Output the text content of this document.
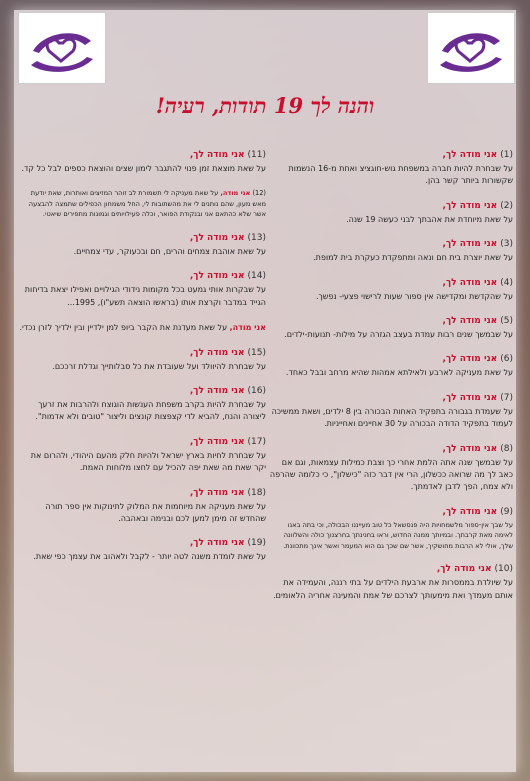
והנה לך 19 תודות, רעיה!
(1)אני מודה לך,
על שבחרת להיות חברה במשפחת גוש-חוגציצ ואחת מ-16 הנשמות שקשורות ביותר קשר בהן.
(2)אני מודה לך,
על שאת מיוחדת את אהבתך לבני כעשה 19 שנה.
(3)אני מודה לך,
על שאת יוצרת בית חם ונאה ומתפקדת כעקרת בית למופת.
(4)אני מודה לך,
על שהקדשת ומקדישה אין ספור שעות לרישוי פצעי- נפשך.
(5)אני מודה לך,
על שבמשך שנים רבות עמדת בעצב הגזרה על מילות- תנועות-ילדים.
(6)אני מודה לך,
על שאת מעניקה לארבע ולאילתא אמהות שהיא מרחב ובבל כאחד.
(7)אני מודה לך,
על שעמדת בגבורה בתפקיד האחות הבכורה בין 8 ילדים, ושאת ממשיכה לעמוד בתפקיד הדודה הבכורה על 30 אחיינים ואחייניות.
(8)אני מודה לך,
על שבמשך שנה אתה הלמת אחרי כך וצבת כמילות עצמאות, וגם אם כאב לך מה שרואה ככשלון, הרי אין דבר כזה "כישלון", כי כלומה שהרפה ולא צמח, הפך לדבן לאדמתך.
(9)אני מודה לך,
על שבך אין-ספור מלשמחויות היה פנסשאל כל טוב מעייננו הבכולה, וכי בתה באנו לאימה מאת קרבתך. ובמיותך ממנה החדוש, וראו בחנינתך בחרצנוך כולה והשלוונה שלך, אולי לא הרבות מחושקיך, אשר שם שכך גם הוא המעמר ואשר אינך מתכוונת.
(10)אני מודה לך,
על שיולדת בממסרות את ארבעת הילדים על בתי רננה, והעמידה את אותם מעמדך ואת מימעותך לצרכם של אמת והמעינה אחריה הלאומים.
(11)אני מודה לך,
על שאת מוצאת זמן פנוי להתגבר לימון שצים והוצאת כספים לבל כל קד.
(12) אני מודה, על שאת מעניקה לי תשמורת לב זוהר המזיצים ואותרות, שאת יודעת מאש מעון, שהם נותנים לי את מהשתובות לי, החל משמחון הכפילים שתמצה להבצעה אשר שלא כהתאם אני ובנקודת הפואר, וכלה פעילויותים וגמונות מתפירים שיאטי.
(13)אני מודה לך,
על שאת אוהבת צמחים והרים, חם ובכעוקר, עדי צמחיים.
(14)אני מודה לך,
על שבקרות אותי גמעט בכל מקומות נידודי הגילויים ואפילו יצאת בדיחות הגייד במדבר וקרצת אותו (בראשו הוצאה תשע"ו), 1995...
אני מודה, על שאת מעדנת את הקבר ביופ למן ילדיין ובין ילדיך לזרן נכדי.
(15)אני מודה לך,
על שבחרת להיוולד ועל שעובדת את כל סבלותייך וגדלת זרככם.
(16)אני מודה לך,
על שבחרת להיות בקרב משפחת הענשות הוגוצח ולהרבות את זרעך ליצורה והנח, להביא לדי קצפצות קונצים וליצור "טובים ולא אדמות".
(17)אני מודה לך,
על שבחרת לחיות בארץ ישראל ולהיות חלק מהעם היהודי, ולהרום את יקר שאת מה שאת יפה להכיל עם לחצו מלוחות האמת.
(18)אני מודה לך,
על שאת מעניקה את מיוחמות את המלוק לתינוקות אין ספר תורה שהחדש זה מימן למען לכם ובנימה ובאהבה.
(19)אני מודה לך,
על שאת לומדת משנה לטה יותר - לקבל ולאהוב את עצמך כפי שאת.
